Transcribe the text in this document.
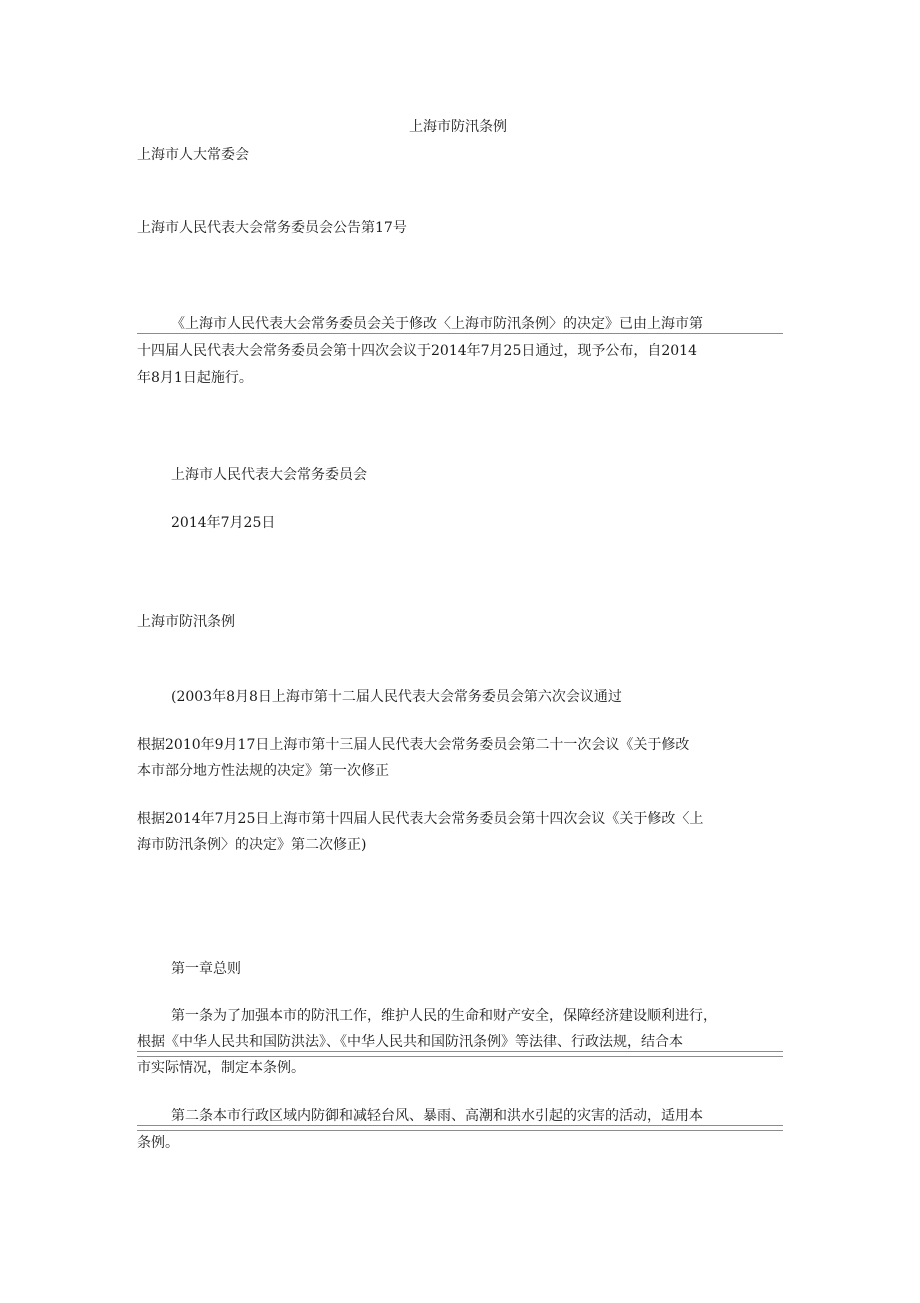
上海市防汛条例
上海市人大常委会
上海市人民代表大会常务委员会公告第17号
《上海市人民代表大会常务委员会关于修改〈上海市防汛条例〉的决定》已由上海市第
十四届人民代表大会常务委员会第十四次会议于2014年7月25日通过，现予公布，自2014
年8月1日起施行。
上海市人民代表大会常务委员会
2014年7月25日
上海市防汛条例
(2003年8月8日上海市第十二届人民代表大会常务委员会第六次会议通过
根据2010年9月17日上海市第十三届人民代表大会常务委员会第二十一次会议《关于修改
本市部分地方性法规的决定》第一次修正
根据2014年7月25日上海市第十四届人民代表大会常务委员会第十四次会议《关于修改〈上
海市防汛条例〉的决定》第二次修正)
第一章总则
第一条为了加强本市的防汛工作，维护人民的生命和财产安全，保障经济建设顺利进行，
根据《中华人民共和国防洪法》、《中华人民共和国防汛条例》等法律、行政法规，结合本
市实际情况，制定本条例。
第二条本市行政区域内防御和减轻台风、暴雨、高潮和洪水引起的灾害的活动，适用本
条例。
